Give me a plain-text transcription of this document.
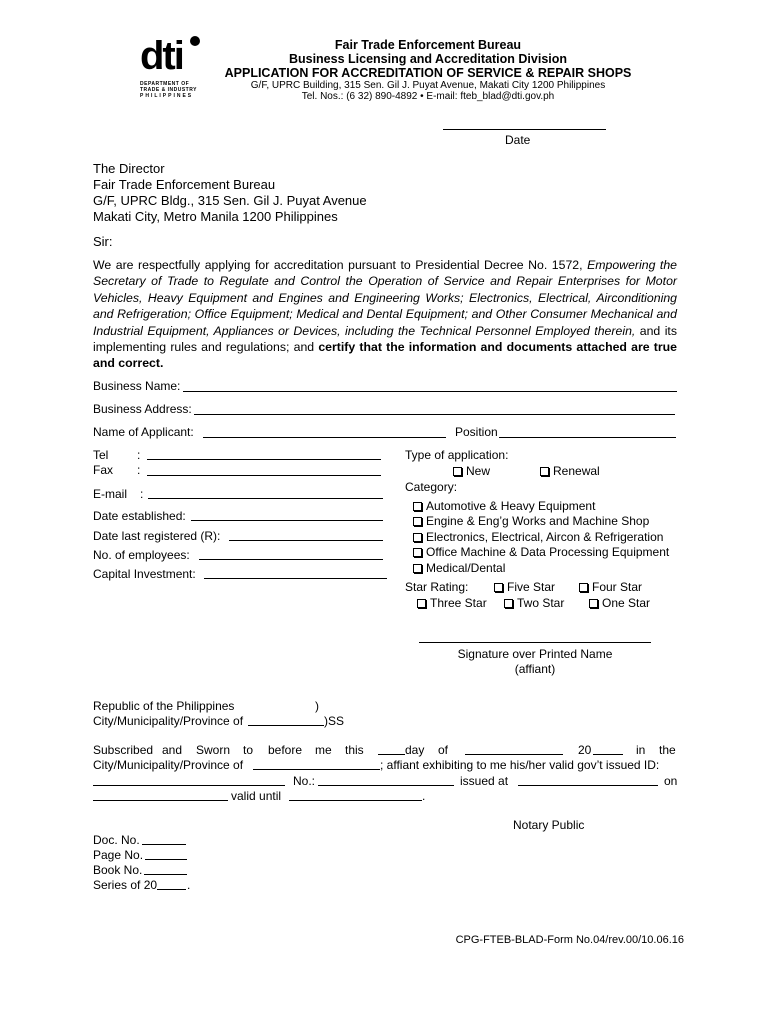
dti
DEPARTMENT OF
TRADE & INDUSTRY
PHILIPPINES
Fair Trade Enforcement Bureau
Business Licensing and Accreditation Division
APPLICATION FOR ACCREDITATION OF SERVICE & REPAIR SHOPS
G/F, UPRC Building, 315 Sen. Gil J. Puyat Avenue, Makati City 1200 Philippines
Tel. Nos.: (6 32) 890-4892 • E-mail: fteb_blad@dti.gov.ph
Date
The Director
Fair Trade Enforcement Bureau
G/F, UPRC Bldg., 315 Sen. Gil J. Puyat Avenue
Makati City, Metro Manila 1200 Philippines
Sir:
We are respectfully applying for accreditation pursuant to Presidential Decree No. 1572, Empowering the Secretary of Trade to Regulate and Control the Operation of Service and Repair Enterprises for Motor Vehicles, Heavy Equipment and Engines and Engineering Works; Electronics, Electrical, Airconditioning and Refrigeration; Office Equipment; Medical and Dental Equipment; and Other Consumer Mechanical and Industrial Equipment, Appliances or Devices, including the Technical Personnel Employed therein, and its implementing rules and regulations; and certify that the information and documents attached are true and correct.
Business Name:
Business Address:
Name of Applicant:	Position
Tel :
Fax :
E-mail :
Date established:
Date last registered (R):
No. of employees:
Capital Investment:
Type of application:
New	Renewal
Category:
Automotive & Heavy Equipment
Engine & Eng’g Works and Machine Shop
Electronics, Electrical, Aircon & Refrigeration
Office Machine & Data Processing Equipment
Medical/Dental
Star Rating:	Five Star	Four Star
Three Star	Two Star	One Star
Signature over Printed Name
(affiant)
Republic of the Philippines	)
City/Municipality/Province of	)SS
Subscribed and Sworn to before me this	day of	20	in the
City/Municipality/Province of	; affiant exhibiting to me his/her valid gov’t issued ID:
No.:	issued at	on
valid until	.
Notary Public
Doc. No.
Page No.
Book No.
Series of 20 .
CPG-FTEB-BLAD-Form No.04/rev.00/10.06.16
